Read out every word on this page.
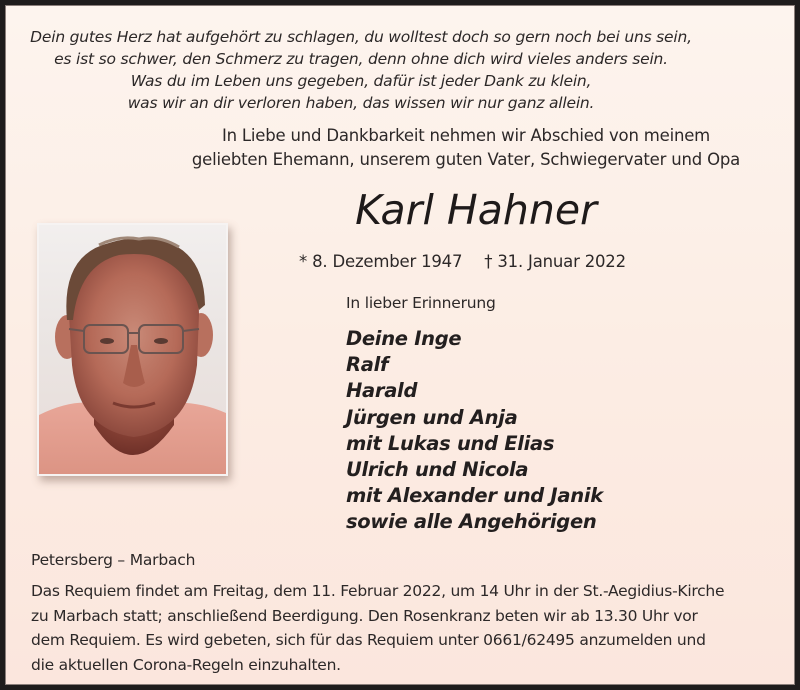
Dein gutes Herz hat aufgehört zu schlagen, du wolltest doch so gern noch bei uns sein,
es ist so schwer, den Schmerz zu tragen, denn ohne dich wird vieles anders sein.
Was du im Leben uns gegeben, dafür ist jeder Dank zu klein,
was wir an dir verloren haben, das wissen wir nur ganz allein.
In Liebe und Dankbarkeit nehmen wir Abschied von meinem
geliebten Ehemann, unserem guten Vater, Schwiegervater und Opa
Karl Hahner
* 8. Dezember 1947 † 31. Januar 2022
In lieber Erinnerung
Deine Inge
Ralf
Harald
Jürgen und Anja
mit Lukas und Elias
Ulrich und Nicola
mit Alexander und Janik
sowie alle Angehörigen
Petersberg – Marbach
Das Requiem findet am Freitag, dem 11. Februar 2022, um 14 Uhr in der St.-Aegidius-Kirche
zu Marbach statt; anschließend Beerdigung. Den Rosenkranz beten wir ab 13.30 Uhr vor
dem Requiem. Es wird gebeten, sich für das Requiem unter 0661/62495 anzumelden und
die aktuellen Corona-Regeln einzuhalten.
